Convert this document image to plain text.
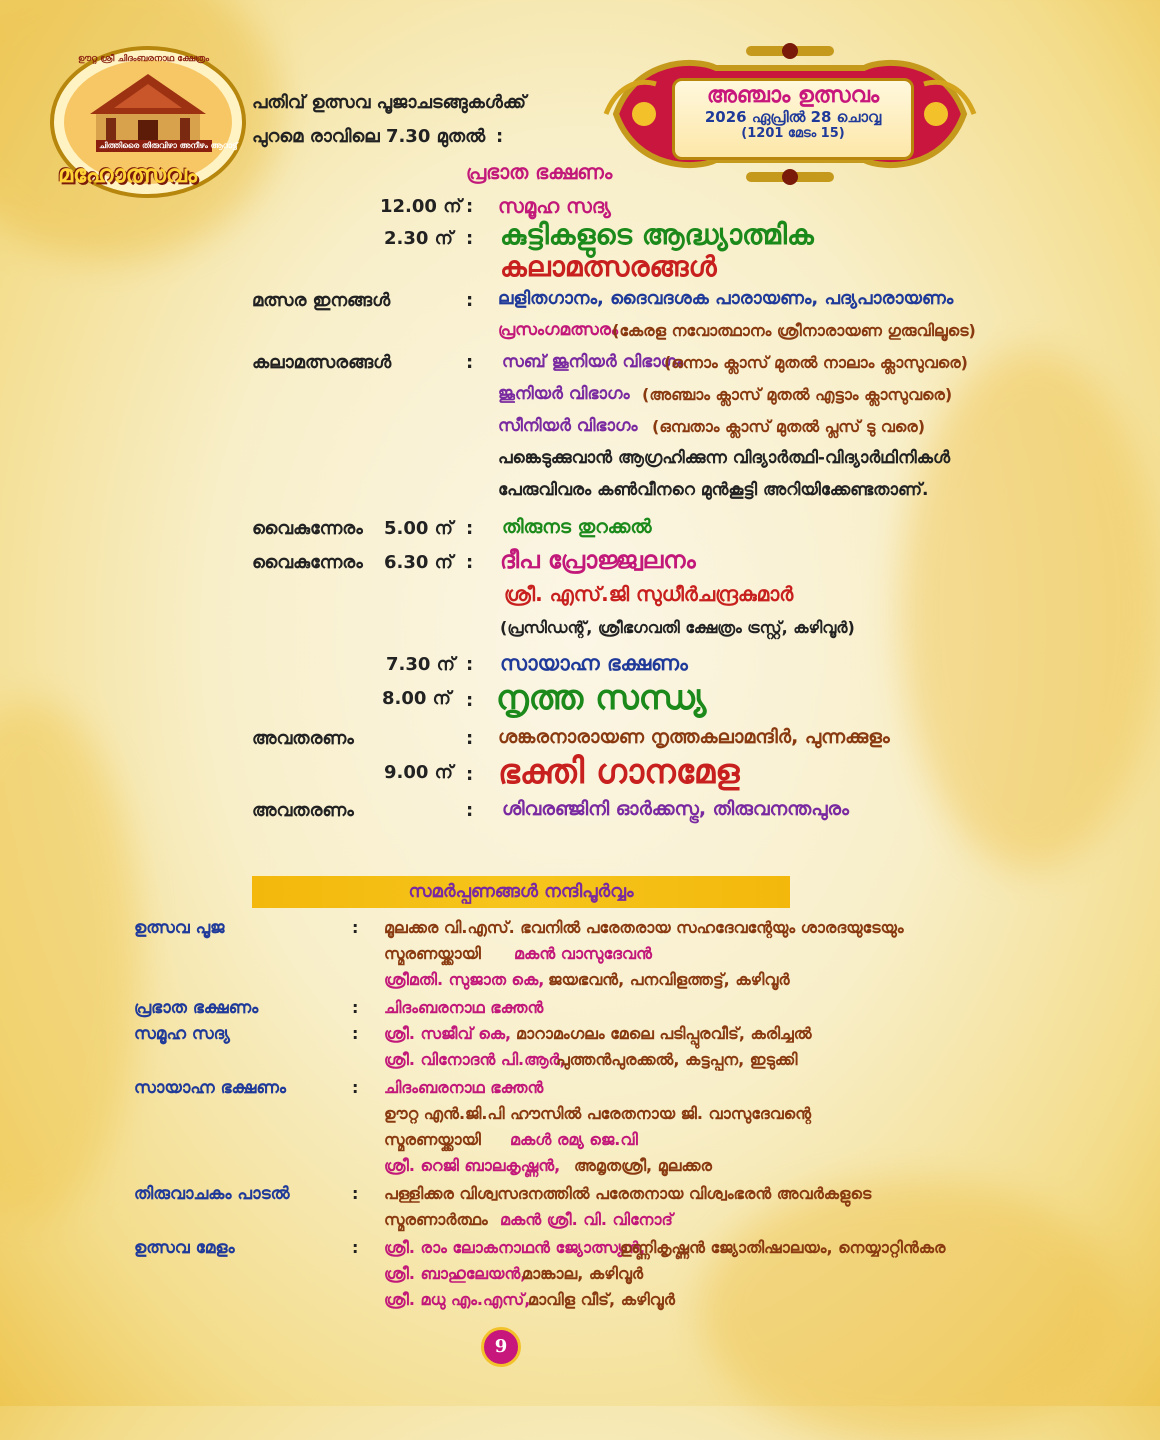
ഊറ്റ ശ്രീ ചിദംബരനാഥ ക്ഷേത്രം
ചിത്തിരൈ തിരുവിഴാ അനീഴം ആറാട്ട്
മഹോത്സവം
അഞ്ചാം ഉത്സവം
2026 ഏപ്രിൽ 28 ചൊവ്വ
(1201 മേടം 15)
പതിവ് ഉത്സവ പൂജാചടങ്ങുകൾക്ക്
പുറമെ രാവിലെ 7.30 മുതൽ :
പ്രഭാത ഭക്ഷണം
12.00 ന് : സമൂഹ സദ്യ
2.30 ന് : കുട്ടികളുടെ ആദ്ധ്യാത്മിക
കലാമത്സരങ്ങൾ
മത്സര ഇനങ്ങൾ	: ലളിതഗാനം, ദൈവദശക പാരായണം, പദ്യപാരായണം
പ്രസംഗമത്സരം
(കേരള നവോത്ഥാനം ശ്രീനാരായണ ഗുരുവിലൂടെ)
കലാമത്സരങ്ങൾ	: സബ് ജൂനിയർ വിഭാഗം
(ഒന്നാം ക്ലാസ് മുതൽ നാലാം ക്ലാസുവരെ)
ജൂനിയർ വിഭാഗം (അഞ്ചാം ക്ലാസ് മുതൽ എട്ടാം ക്ലാസുവരെ)
സീനിയർ വിഭാഗം (ഒമ്പതാം ക്ലാസ് മുതൽ പ്ലസ് ടു വരെ)
പങ്കെടുക്കുവാൻ ആഗ്രഹിക്കുന്ന വിദ്യാർത്ഥി-വിദ്യാർഥിനികൾ
പേരുവിവരം കൺവീനറെ മുൻകൂട്ടി അറിയിക്കേണ്ടതാണ്.
വൈകുന്നേരം 5.00 ന് : തിരുനട തുറക്കൽ
വൈകുന്നേരം 6.30 ന് : ദീപ പ്രോജ്ജ്വലനം
ശ്രീ. എസ്.ജി സുധീർചന്ദ്രകുമാർ
(പ്രസിഡന്റ്, ശ്രീഭഗവതി ക്ഷേത്രം ട്രസ്റ്റ്, കഴിവൂർ)
7.30 ന് : സായാഹ്ന ഭക്ഷണം
8.00 ന് : നൃത്ത സന്ധ്യ
അവതരണം	: ശങ്കരനാരായണ നൃത്തകലാമന്ദിർ, പുന്നക്കുളം
9.00 ന് : ഭക്തി ഗാനമേള
അവതരണം	: ശിവരഞ്ജിനി ഓർക്കസ്ട്ര, തിരുവനന്തപുരം
സമർപ്പണങ്ങൾ നന്ദിപൂർവ്വം
ഉത്സവ പൂജ	: മൂലക്കര വി.എസ്. ഭവനിൽ പരേതരായ സഹദേവന്റേയും ശാരദയുടേയും
സ്മരണയ്ക്കായി മകൻ വാസുദേവൻ
ശ്രീമതി. സുജാത കെ, ജയഭവൻ, പനവിളത്തട്ട്, കഴിവൂർ
പ്രഭാത ഭക്ഷണം	: ചിദംബരനാഥ ഭക്തൻ
സമൂഹ സദ്യ	: ശ്രീ. സജീവ് കെ, മാറാമംഗലം മേലെ പടിപ്പുരവീട്, കരിച്ചൽ
ശ്രീ. വിനോദൻ പി.ആർ,
പുത്തൻപുരക്കൽ, കട്ടപ്പന, ഇടുക്കി
സായാഹ്ന ഭക്ഷണം	: ചിദംബരനാഥ ഭക്തൻ
ഊറ്റ എൻ.ജി.പി ഹൗസിൽ പരേതനായ ജി. വാസുദേവന്റെ
സ്മരണയ്ക്കായി മകൾ രമ്യ ജെ.വി
ശ്രീ. റെജി ബാലകൃഷ്ണൻ, അമൃതശ്രീ, മൂലക്കര
തിരുവാചകം പാടൽ	: പള്ളിക്കര വിശ്വസദനത്തിൽ പരേതനായ വിശ്വംഭരൻ അവർകളുടെ
സ്മരണാർത്ഥം മകൻ ശ്രീ. വി. വിനോദ്
ഉത്സവ മേളം	: ശ്രീ. രാം ലോകനാഥൻ ജ്യോത്സ്യൻ,
ഉണ്ണികൃഷ്ണൻ ജ്യോതിഷാലയം, നെയ്യാറ്റിൻകര
ശ്രീ. ബാഹുലേയൻ,
മാങ്കാല, കഴിവൂർ
ശ്രീ. മധു എം.എസ്,
മാവിള വീട്, കഴിവൂർ
9
